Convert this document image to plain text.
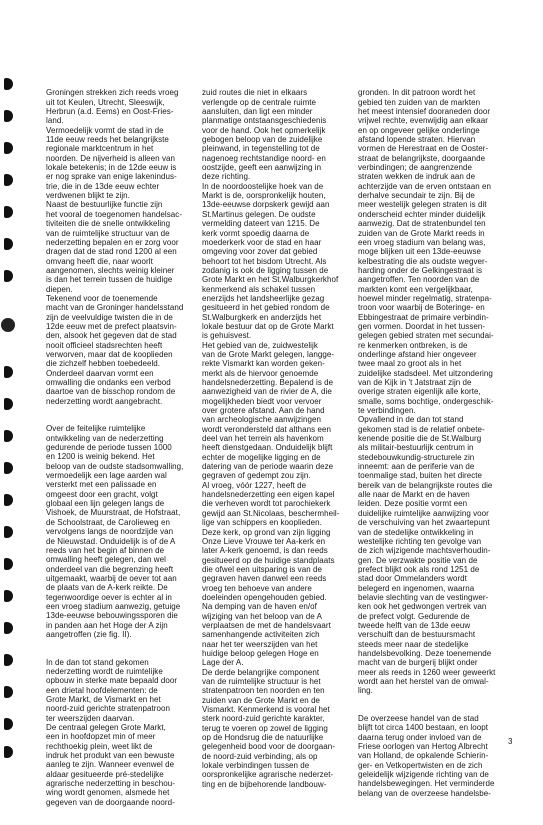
Groningen strekken zich reeds vroeg
uit tot Keulen, Utrecht, Sleeswijk,
Herbrun (a.d. Eems) en Oost-Fries-
land.
Vermoedelijk vormt de stad in de
11de eeuw reeds het belangrijkste
regionale marktcentrum in het
noorden. De nijverheid is alleen van
lokale betekenis; in de 12de eeuw is
er nog sprake van enige lakenindus-
trie, die in de 13de eeuw echter
verdwenen blijkt te zijn.
Naast de bestuurlijke functie zijn
het vooral de toegenomen handelsac-
tiviteiten die de snelle ontwikkeling
van de ruimtelijke structuur van de
nederzetting bepalen en er zorg voor
dragen dat de stad rond 1200 al een
omvang heeft die, naar woorlt
aangenomen, slechts weinig kleiner
is dan het terrein tussen de huidige
diepen.
Tekenend voor de toenemende
macht van de Groninger handelsstand
zijn de veelvuldige twisten die in de
12de eeuw met de prefect plaatsvin-
den, alsook het gegeven dat de stad
nooit officieel stadsrechten heeft
verworven, maar dat de kooplieden
die zichzelf hebben toebedeeld.
Onderdeel daarvan vormt een
omwalling die ondanks een verbod
daartoe van de bisschop rondom de
nederzetting wordt aangebracht.

Over de feitelijke ruimtelijke
ontwikkeling van de nederzetting
gedurende de periode tussen 1000
en 1200 is weinig bekend. Het
beloop van de oudste stadsomwalling,
vermoedelijk een lage aarden wal
versterkt met een palissade en
omgeest door een gracht, volgt
globaal een lijn gelegen langs de
Vishoek, de Muurstraat, de Hofstraat,
de Schoolstraat, de Carolieweg en
vervolgens langs de noordzijde van
de Nieuwstad. Onduidelijk is of de A
reeds van het begin af binnen de
omwalling heeft gelegen, dan wel
onderdeel van die begrenzing heeft
uitgemaakt, waarbij de oever tot aan
de plaats van de A-kerk reikte. De
tegenwoordige oever is echter al in
een vroeg stadium aanwezig, getuige
13de-eeuwse bebouwingssporen die
in panden aan het Hoge der A zijn
aangetroffen (zie fig. II).

In de dan tot stand gekomen
nederzetting wordt de ruimtelijke
opbouw in sterke mate bepaald door
een drietal hoofdelementen: de
Grote Markt, de Vismarkt en het
noord-zuid gerichte stratenpatroon
ter weerszijden daarvan.
De centraal gelegen Grote Markt,
een in hoofdopzet min of meer
rechthoekig plein, weet likt de
indruk het produkt van een bewuste
aanleg te zijn. Wanneer evenwel de
aldaar gesitueerde pré-stedelijke
agrarische nederzetting in beschou-
wing wordt genomen, alsmede het
gegeven van de doorgaande noord-

zuid routes die niet in elkaars
verlengde op de centrale ruimte
aansluiten, dan ligt een minder
planmatige ontstaansgeschiedenis
voor de hand. Ook het opmerkelijk
gebogen beloop van de zuidelijke
pleinwand, in tegenstelling tot de
nagenoeg rechtstandige noord- en
oostzijde, geeft een aanwijzing in
deze richting.
In de noordoostelijke hoek van de
Markt is de, oorspronkelijk houten,
13de-eeuwse dorpskerk gewijd aan
St.Martinus gelegen. De oudste
vermelding dateert van 1215. De
kerk vormt spoedig daarna de
moederkerk voor de stad en haar
omgeving voor zover dat gebied
behoort tot het bisdom Utrecht. Als
zodanig is ook de ligging tussen de
Grote Markt en het St.Walburgkerkhof
kenmerkend als schakel tussen
enerzijds het landsheerlijke gezag
gesitueerd in het gebied rondom de
St.Walburgkerk en anderzijds het
lokale bestuur dat op de Grote Markt
is gehuisvest.
Het gebied van de, zuidwestelijk
van de Grote Markt gelegen, langge-
rekte Vismarkt kan worden geken-
merkt als de hiervoor genoemde
handelsnederzetting. Bepalend is de
aanwezigheid van de rivier de A, die
mogelijkheden biedt voor vervoer
over grotere afstand. Aan de hand
van archeologische aanwijzingen
wordt verondersteld dat althans een
deel van het terrein als havenkom
heeft dienstgedaan. Onduidelijk blijft
echter de mogelijke ligging en de
datering van de periode waarin deze
gegraven of gedempt zou zijn.
Al vroeg, vóór 1227, heeft de
handelsnederzetting een eigen kapel
die verheven wordt tot parochiekerk
gewijd aan St.Nicolaas, beschermheil-
lige van schippers en kooplieden.
Deze kerk, op grond van zijn ligging
Onze Lieve Vrouwe ter Aa-kerk en
later A-kerk genoemd, is dan reeds
gesitueerd op de huidige standplaats
die ofwel een uitsparing is van de
gegraven haven danwel een reeds
vroeg ten behoeve van andere
doeleinden opengehouden gebied.
Na demping van de haven en/of
wijziging van het beloop van de A
verplaatsen de met de handelsvaart
samenhangende activiteiten zich
naar het ter weerszijden van het
huidige beloop gelegen Hoge en
Lage der A.
De derde belangrijke component
van de ruimtelijke structuur is het
stratenpatroon ten noorden en ten
zuiden van de Grote Markt en de
Vismarkt. Kenmerkend is vooral het
sterk noord-zuid gerichte karakter,
terug te voeren op zowel de ligging
op de Hondsrug die de natuurlijke
gelegenheid bood voor de doorgaan-
de noord-zuid verbinding, als op
lokale verbindingen tussen de
oorspronkelijke agrarische nederzet-
ting en de bijbehorende landbouw-

gronden. In dit patroon wordt het
gebied ten zuiden van de markten
het meest intensief dooraneden door
vrijwel rechte, evenwijdig aan elkaar
en op ongeveer gelijke onderlinge
afstand lopende straten. Hiervan
vormen de Herestraat en de Ooster-
straat de belangrijkste, doorgaande
verbindingen; de aangrenzende
straten wekken de indruk aan de
achterzijde van de erven ontstaan en
derhalve secundair te zijn. Bij de
meer westelijk gelegen straten is dit
onderscheid echter minder duidelijk
aanwezig. Dat de stratenbundel ten
zuiden van de Grote Markt reeds in
een vroeg stadium van belang was,
moge blijken uit een 13de-eeuwse
kelbestrating die als oudste wegver-
harding onder de Gelkingestraat is
aangetroffen. Ten noorden van de
markten komt een vergelijkbaar,
hoewel minder regelmatig, stratenpa-
troon voor waarbij de Boteringe- en
Ebbingestraat de primaire verbindin-
gen vormen. Doordat in het tussen-
gelegen gebied straten met secundai-
re kenmerken ontbreken, is de
onderlinge afstand hier ongeveer
twee maal zo groot als in het
zuidelijke stadsdeel. Met uitzondering
van de Kijk in 't Jatstraat zijn de
overige straten eigenlijk alle korte,
smalle, soms bochtige, ondergeschik-
te verbindingen.
Opvallend in de dan tot stand
gekomen stad is de relatief onbete-
kenende positie die de St.Walburg
als militair-bestuurlijk centrum in
stedebouwkundig-structurele zin
inneemt: aan de periferie van de
toenmalige stad, buiten het directe
bereik van de belangrijkste routes die
alle naar de Markt en de haven
leiden. Deze positie vormt een
duidelijke ruimtelijke aanwijzing voor
de verschuiving van het zwaartepunt
van de stedelijke ontwikkeling in
westelijke richting ten gevolge van
de zich wijzigende machtsverhoudin-
gen. De verzwakte positie van de
prefect blijkt ook als rond 1251 de
stad door Ommelanders wordt
belegerd en ingenomen, waarna
belavie slechting van de vestingwer-
ken ook het gedwongen vertrek van
de prefect volgt. Gedurende de
tweede helft van de 13de eeuw
verschuift dan de bestuursmacht
steeds meer naar de stedelijke
handelsbevolking. Deze toenemende
macht van de burgerij blijkt onder
meer als reeds in 1260 weer geweerkt
wordt aan het herstel van de omwal-
ling.

De overzeese handel van de stad
blijft tot circa 1400 bestaan, en loopt
daarna terug onder invloed van de
Friese oorlogen van Hertog Albrecht
van Holland, de opkalende Schierin-
ger- en Vetkopertwisten en de zich
geleidelijk wijzigende richting van de
handelsbewegingen. Het verminderde
belang van de overzeese handelsbe-

3
